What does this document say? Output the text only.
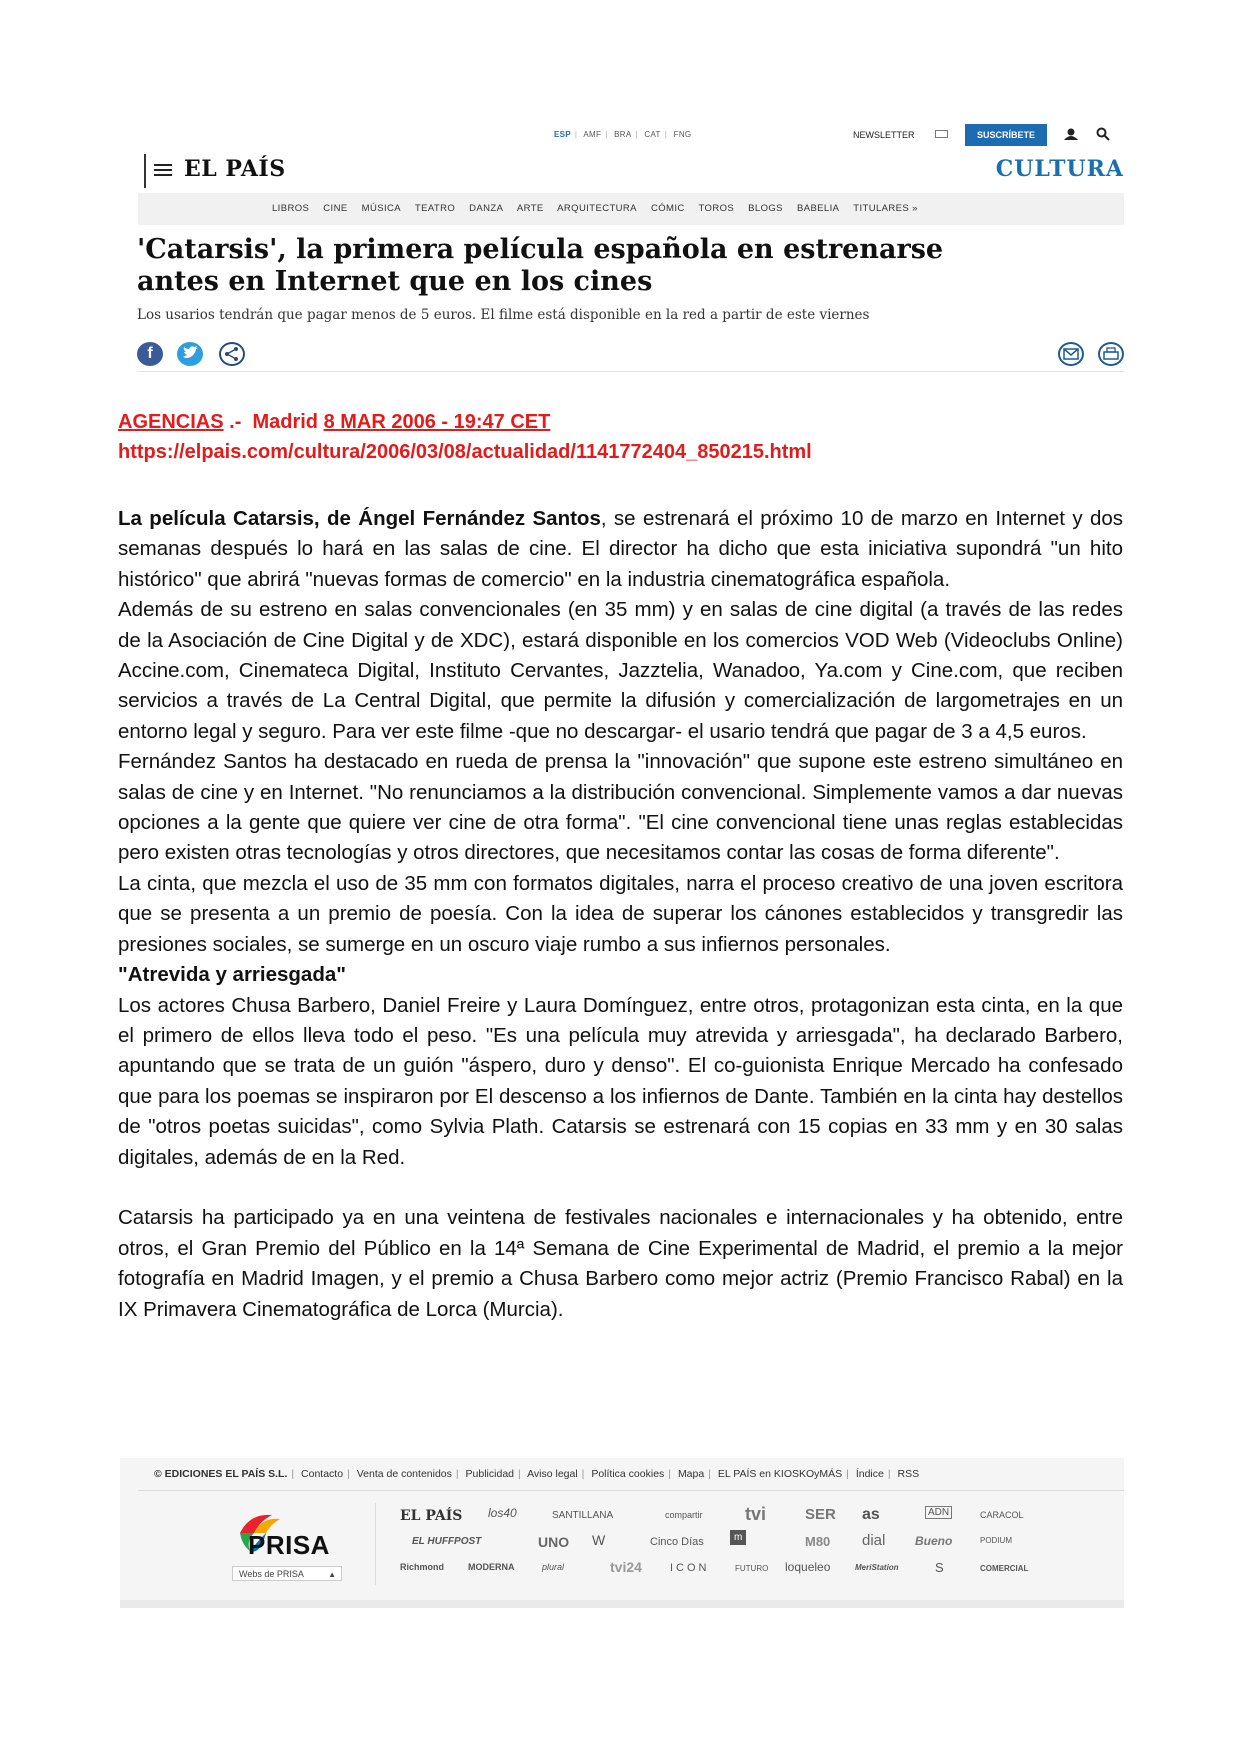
ESP | AMF | BRA | CAT | FNG	NEWSLETTER	SUSCRÍBETE
EL PAÍS	CULTURA
LIBROS CINE MÚSICA TEATRO DANZA ARTE ARQUITECTURA CÓMIC TOROS BLOGS BABELIA TITULARES »
'Catarsis', la primera película española en estrenarse
antes en Internet que en los cines
Los usarios tendrán que pagar menos de 5 euros. El filme está disponible en la red a partir de este viernes
f
AGENCIAS .-  Madrid 8 MAR 2006 - 19:47 CET
https://elpais.com/cultura/2006/03/08/actualidad/1141772404_850215.html

La película Catarsis, de Ángel Fernández Santos, se estrenará el próximo 10 de marzo en Internet y dos semanas después lo hará en las salas de cine. El director ha dicho que esta iniciativa supondrá "un hito histórico" que abrirá "nuevas formas de comercio" en la industria cinematográfica española.

Además de su estreno en salas convencionales (en 35 mm) y en salas de cine digital (a través de las redes de la Asociación de Cine Digital y de XDC), estará disponible en los comercios VOD Web (Videoclubs Online) Accine.com, Cinemateca Digital, Instituto Cervantes, Jazztelia, Wanadoo, Ya.com y Cine.com, que reciben servicios a través de La Central Digital, que permite la difusión y comercialización de largometrajes en un entorno legal y seguro. Para ver este filme -que no descargar- el usario tendrá que pagar de 3 a 4,5 euros.

Fernández Santos ha destacado en rueda de prensa la "innovación" que supone este estreno simultáneo en salas de cine y en Internet. "No renunciamos a la distribución convencional. Simplemente vamos a dar nuevas opciones a la gente que quiere ver cine de otra forma". "El cine convencional tiene unas reglas establecidas pero existen otras tecnologías y otros directores, que necesitamos contar las cosas de forma diferente".

La cinta, que mezcla el uso de 35 mm con formatos digitales, narra el proceso creativo de una joven escritora que se presenta a un premio de poesía. Con la idea de superar los cánones establecidos y transgredir las presiones sociales, se sumerge en un oscuro viaje rumbo a sus infiernos personales.

"Atrevida y arriesgada"

Los actores Chusa Barbero, Daniel Freire y Laura Domínguez, entre otros, protagonizan esta cinta, en la que el primero de ellos lleva todo el peso. "Es una película muy atrevida y arriesgada", ha declarado Barbero, apuntando que se trata de un guión "áspero, duro y denso". El co-guionista Enrique Mercado ha confesado que para los poemas se inspiraron por El descenso a los infiernos de Dante. También en la cinta hay destellos de "otros poetas suicidas", como Sylvia Plath. Catarsis se estrenará con 15 copias en 33 mm y en 30 salas digitales, además de en la Red.

Catarsis ha participado ya en una veintena de festivales nacionales e internacionales y ha obtenido, entre otros, el Gran Premio del Público en la 14ª Semana de Cine Experimental de Madrid, el premio a la mejor fotografía en Madrid Imagen, y el premio a Chusa Barbero como mejor actriz (Premio Francisco Rabal) en la IX Primavera Cinematográfica de Lorca (Murcia).

© EDICIONES EL PAÍS S.L. | Contacto | Venta de contenidos | Publicidad | Aviso legal | Política cookies | Mapa | EL PAÍS en KIOSKOyMÁS | Índice | RSS
PRISA
Webs de PRISA	▲
EL PAÍS los40	SANTILLANA	compartir tvi	SER as	ADN	CARACOL
EL HUFFPOST	UNO W	Cinco Días	m	M80 dial Bueno	PODIUM
Richmond	MODERNA	plural	tvi24	ICON	FUTURO loqueleo	MeriStation	S	COMERCIAL
